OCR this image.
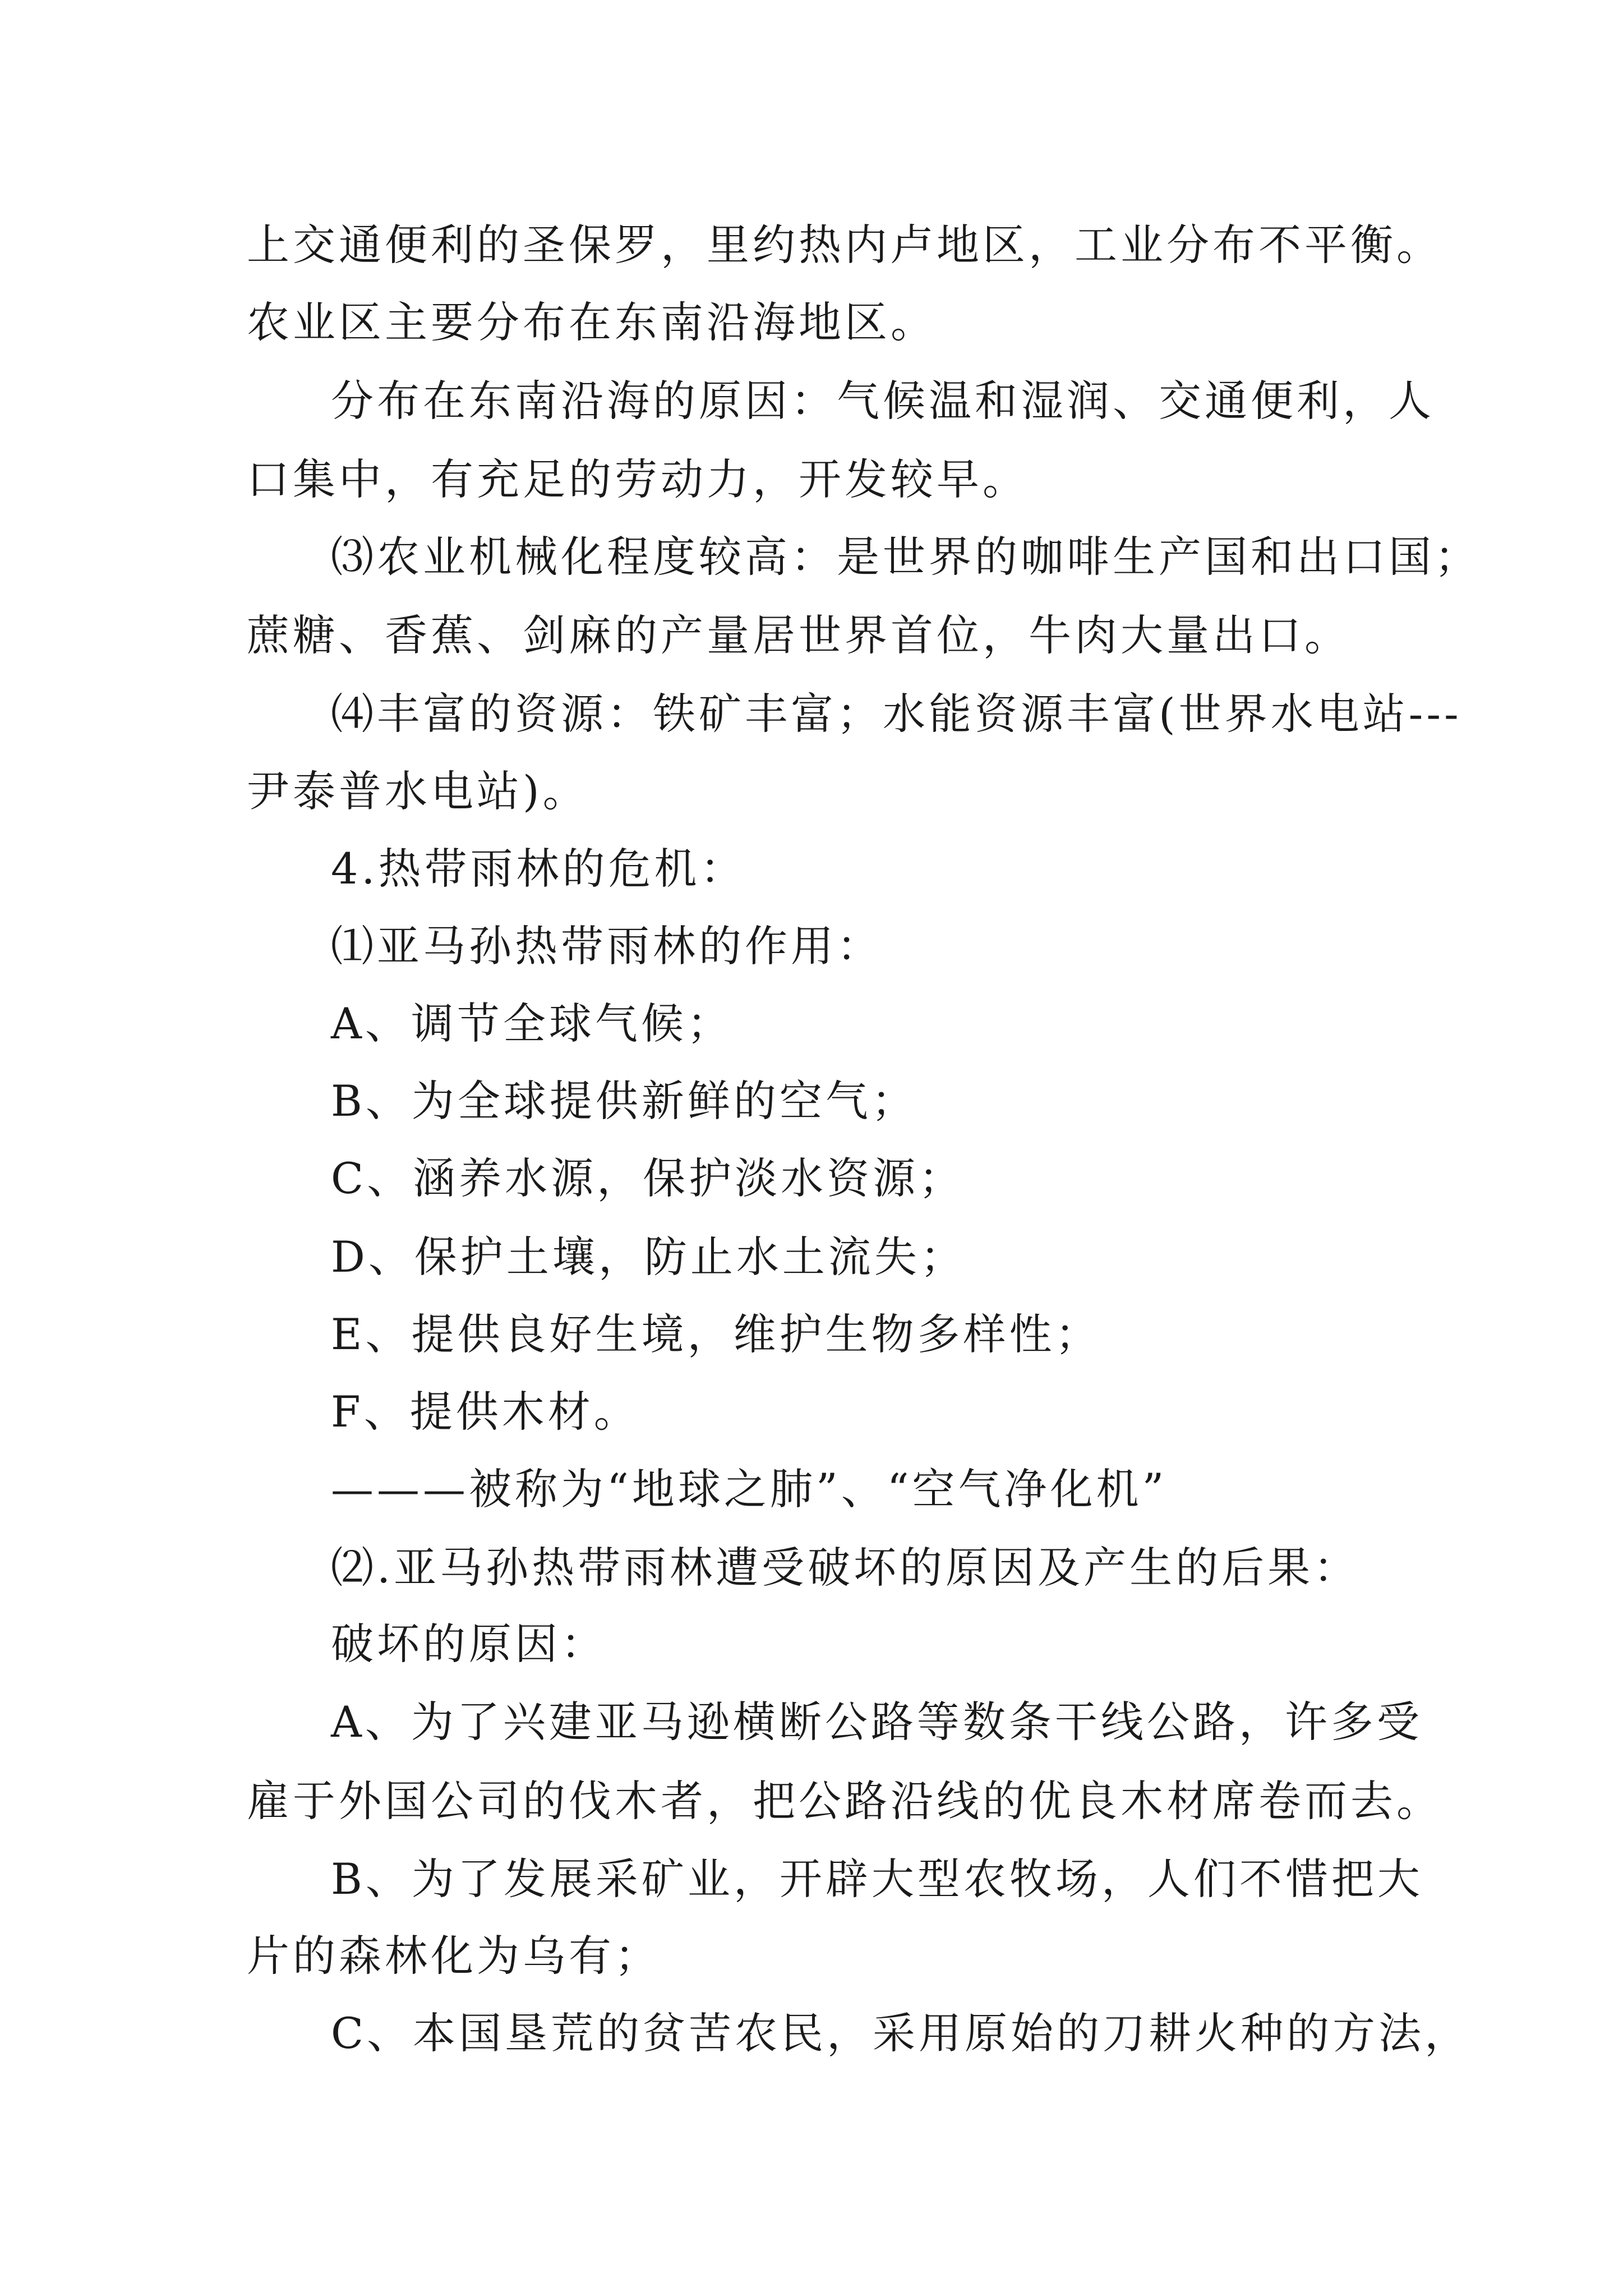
上交通便利的圣保罗，里约热内卢地区，工业分布不平衡。

农业区主要分布在东南沿海地区。

分布在东南沿海的原因：气候温和湿润、交通便利，人

口集中，有充足的劳动力，开发较早。

⑶农业机械化程度较高：是世界的咖啡生产国和出口国；

蔗糖、香蕉、剑麻的产量居世界首位，牛肉大量出口。

⑷丰富的资源：铁矿丰富；水能资源丰富(世界水电站---

尹泰普水电站)。

4.热带雨林的危机：

⑴亚马孙热带雨林的作用：

A、调节全球气候；

B、为全球提供新鲜的空气；

C、涵养水源，保护淡水资源；

D、保护土壤，防止水土流失；

E、提供良好生境，维护生物多样性；

F、提供木材。

———被称为“地球之肺”、“空气净化机”

⑵.亚马孙热带雨林遭受破坏的原因及产生的后果：

破坏的原因：

A、为了兴建亚马逊横断公路等数条干线公路，许多受

雇于外国公司的伐木者，把公路沿线的优良木材席卷而去。

B、为了发展采矿业，开辟大型农牧场，人们不惜把大

片的森林化为乌有；

C、本国垦荒的贫苦农民，采用原始的刀耕火种的方法，
